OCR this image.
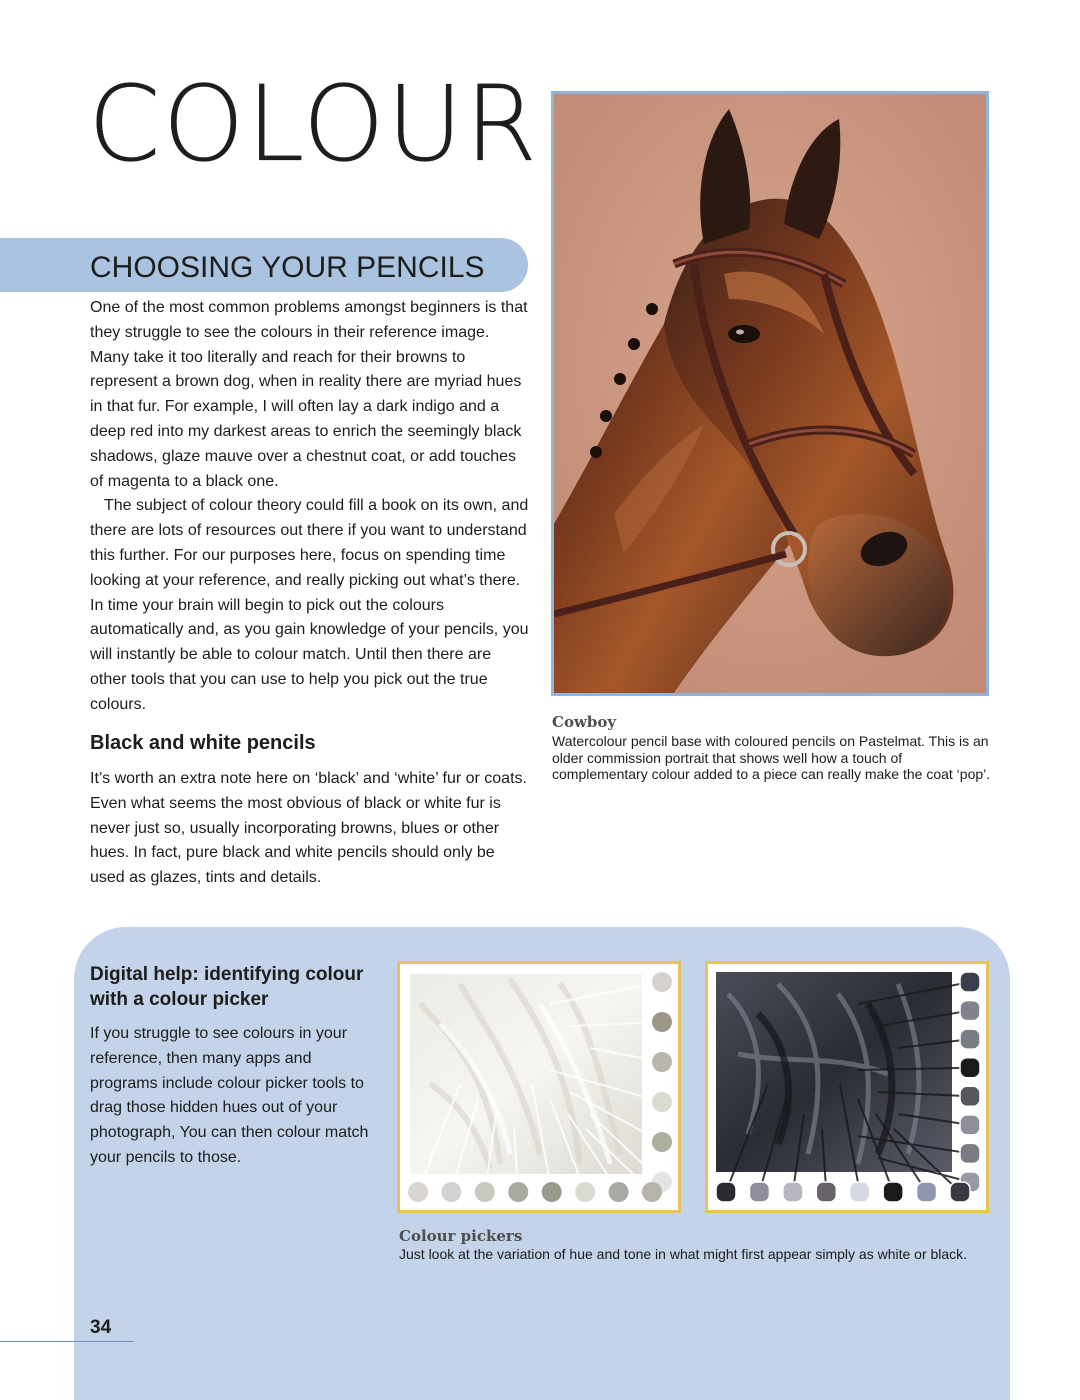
COLOUR
CHOOSING YOUR PENCILS

One of the most common problems amongst beginners is that they struggle to see the colours in their reference image. Many take it too literally and reach for their browns to represent a brown dog, when in reality there are myriad hues in that fur. For example, I will often lay a dark indigo and a deep red into my darkest areas to enrich the seemingly black shadows, glaze mauve over a chestnut coat, or add touches of magenta to a black one.

The subject of colour theory could fill a book on its own, and there are lots of resources out there if you want to understand this further. For our purposes here, focus on spending time looking at your reference, and really picking out what’s there. In time your brain will begin to pick out the colours automatically and, as you gain knowledge of your pencils, you will instantly be able to colour match. Until then there are other tools that you can use to help you pick out the true colours.

Black and white pencils

It’s worth an extra note here on ‘black’ and ‘white’ fur or coats. Even what seems the most obvious of black or white fur is never just so, usually incorporating browns, blues or other hues. In fact, pure black and white pencils should only be used as glazes, tints and details.

Cowboy

Watercolour pencil base with coloured pencils on Pastelmat. This is an older commission portrait that shows well how a touch of complementary colour added to a piece can really make the coat ‘pop’.

Digital help: identifying colour with a colour picker

If you struggle to see colours in your reference, then many apps and programs include colour picker tools to drag those hidden hues out of your photograph, You can then colour match your pencils to those.

Colour pickers

Just look at the variation of hue and tone in what might first appear simply as white or black.

34
